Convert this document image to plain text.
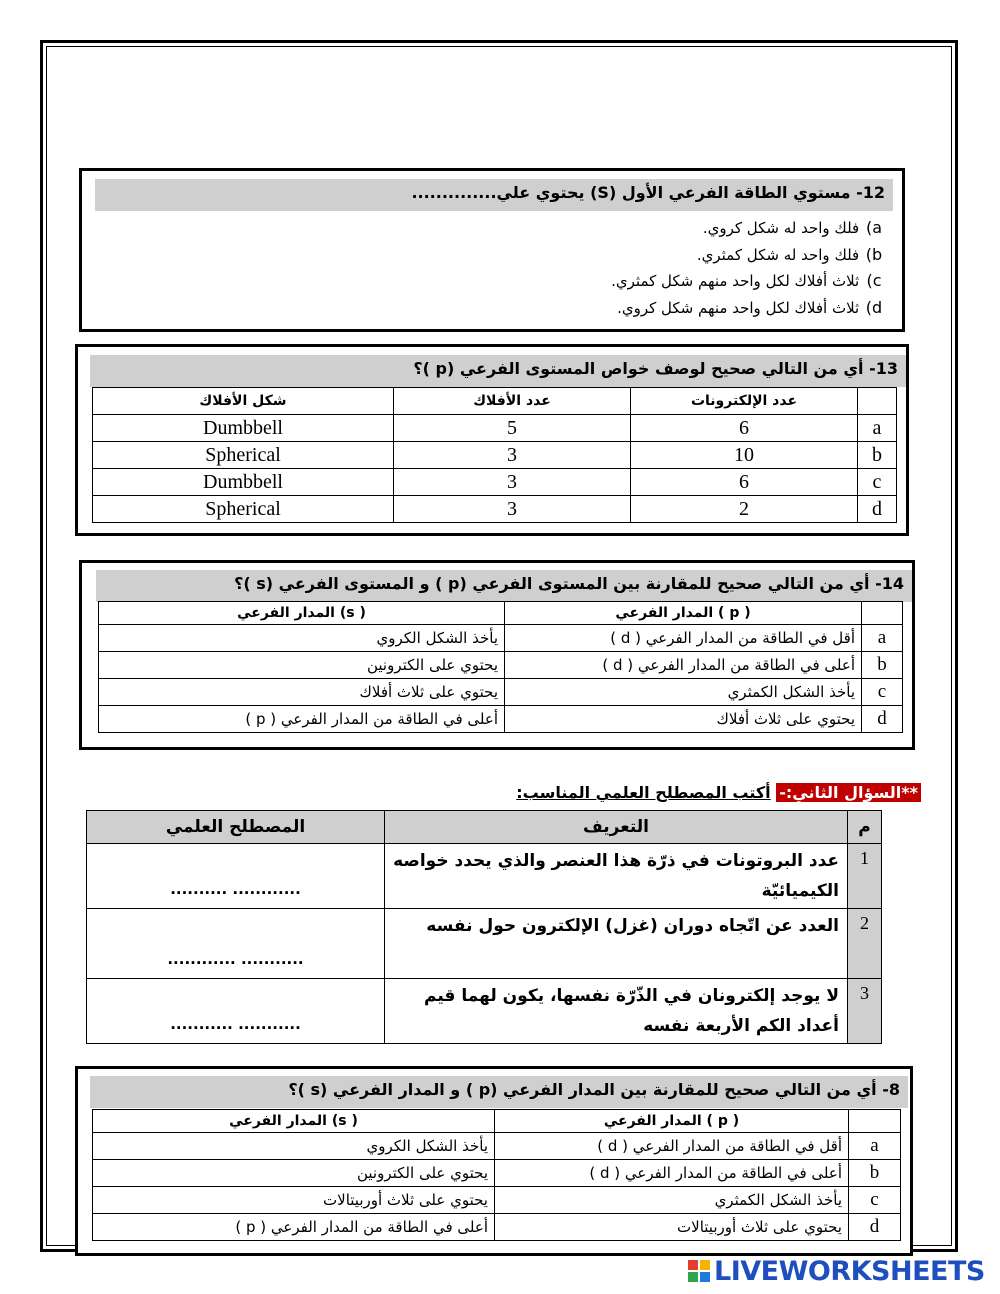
12- مستوي الطاقة الفرعي الأول (S) يحتوي علي..............
a) فلك واحد له شكل كروي.
b) فلك واحد له شكل كمثري.
c) ثلاث أفلاك لكل واحد منهم شكل كمثري.
d) ثلاث أفلاك لكل واحد منهم شكل كروي.
13- أي من التالي صحيح لوصف خواص المستوى الفرعي (p )؟
شكل الأفلاك	عدد الأفلاك	عدد الإلكترونات	
Dumbbell	5	6	a
Spherical	3	10	b
Dumbbell	3	6	c
Spherical	3	2	d
14- أي من التالي صحيح للمقارنة بين المستوى الفرعي (p ) و المستوى الفرعي (s )؟
المدار الفرعي (s )	المدار الفرعي ( p )	
يأخذ الشكل الكروي	أقل في الطاقة من المدار الفرعي ( d )	a
يحتوي على الكترونين	أعلى في الطاقة من المدار الفرعي ( d )	b
يحتوي على ثلاث أفلاك	يأخذ الشكل الكمثري	c
أعلى في الطاقة من المدار الفرعي ( p )	يحتوي على ثلاث أفلاك	d
**السؤال الثاني:- أكتب المصطلح العلمي المناسب:
المصطلح العلمي	التعريف	م
.......... ............	عدد البروتونات في ذرّة هذا العنصر والذي يحدد خواصه الكيميائيّة	1
............ ...........	العدد عن اتّجاه دوران (غزل) الإلكترون حول نفسه	2
........... ...........	لا يوجد إلكترونان في الذّرّة نفسها، يكون لهما قيم أعداد الكم الأربعة نفسه	3
8- أي من التالي صحيح للمقارنة بين المدار الفرعي (p ) و المدار الفرعي (s )؟
المدار الفرعي (s )	المدار الفرعي ( p )	
يأخذ الشكل الكروي	أقل في الطاقة من المدار الفرعي ( d )	a
يحتوي على الكترونين	أعلى في الطاقة من المدار الفرعي ( d )	b
يحتوي على ثلاث أوربيتالات	يأخذ الشكل الكمثري	c
أعلى في الطاقة من المدار الفرعي ( p )	يحتوي على ثلاث أوربيتالات	d
LIVEWORKSHEETS
